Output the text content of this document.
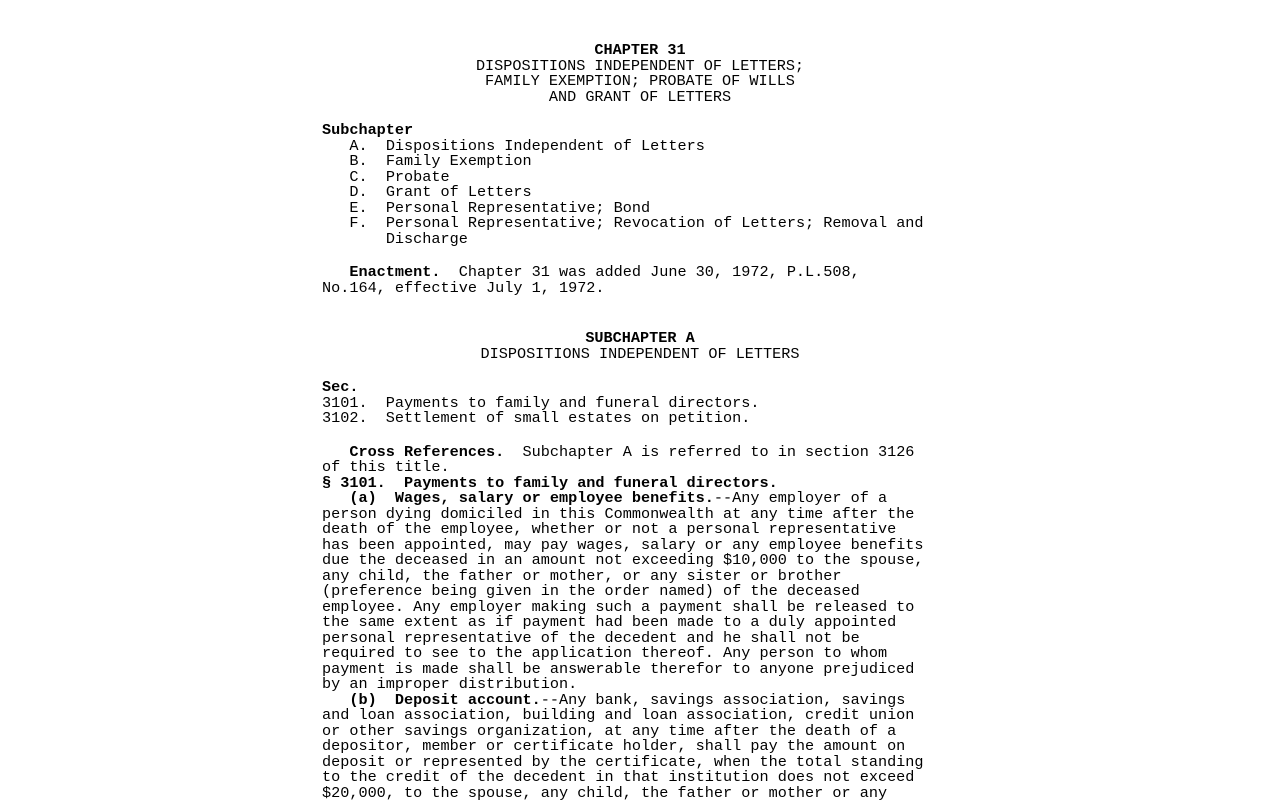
CHAPTER 31
DISPOSITIONS INDEPENDENT OF LETTERS;
FAMILY EXEMPTION; PROBATE OF WILLS
AND GRANT OF LETTERS
Subchapter
A. Dispositions Independent of Letters
B. Family Exemption
C. Probate
D. Grant of Letters
E. Personal Representative; Bond
F. Personal Representative; Revocation of Letters; Removal and
Discharge
Enactment.  Chapter 31 was added June 30, 1972, P.L.508,
No.164, effective July 1, 1972.
SUBCHAPTER A
DISPOSITIONS INDEPENDENT OF LETTERS
Sec.
3101.  Payments to family and funeral directors.
3102.  Settlement of small estates on petition.
Cross References.  Subchapter A is referred to in section 3126
of this title.
§ 3101.  Payments to family and funeral directors.
(a)  Wages, salary or employee benefits.--Any employer of a
person dying domiciled in this Commonwealth at any time after the
death of the employee, whether or not a personal representative
has been appointed, may pay wages, salary or any employee benefits
due the deceased in an amount not exceeding $10,000 to the spouse,
any child, the father or mother, or any sister or brother
(preference being given in the order named) of the deceased
employee. Any employer making such a payment shall be released to
the same extent as if payment had been made to a duly appointed
personal representative of the decedent and he shall not be
required to see to the application thereof. Any person to whom
payment is made shall be answerable therefor to anyone prejudiced
by an improper distribution.
(b)  Deposit account.--Any bank, savings association, savings
and loan association, building and loan association, credit union
or other savings organization, at any time after the death of a
depositor, member or certificate holder, shall pay the amount on
deposit or represented by the certificate, when the total standing
to the credit of the decedent in that institution does not exceed
$20,000, to the spouse, any child, the father or mother or any
